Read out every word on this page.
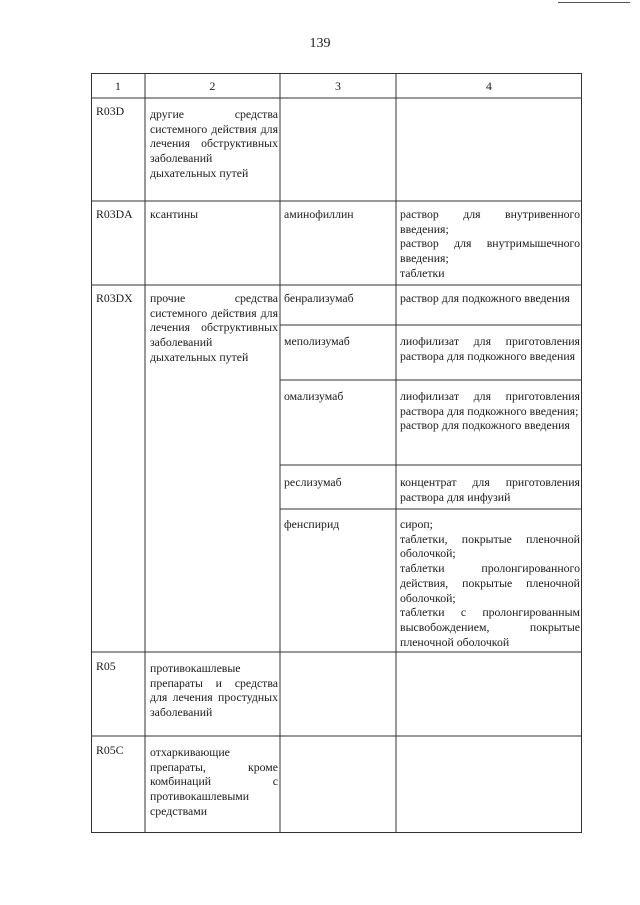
139
1	2	3	4
R03D	другие средства системного действия для лечения обструктивных заболеваний дыхательных путей
R03DA	ксантины	аминофиллин	раствор для внутривенного введения;
раствор для внутримышечного введения;
таблетки
R03DX	прочие средства системного действия для лечения обструктивных заболеваний дыхательных путей
бенрализумаб	раствор для подкожного введения
меполизумаб	лиофилизат для приготовления раствора для подкожного введения
омализумаб	лиофилизат для приготовления раствора для подкожного введения;
раствор для подкожного введения
реслизумаб	концентрат для приготовления раствора для инфузий
фенспирид	сироп;
таблетки, покрытые пленочной оболочкой;
таблетки пролонгированного действия, покрытые пленочной оболочкой;
таблетки с пролонгированным высвобождением, покрытые пленочной оболочкой
R05	противокашлевые препараты и средства для лечения простудных заболеваний
R05C	отхаркивающие препараты, кроме комбинаций с противокашлевыми средствами
